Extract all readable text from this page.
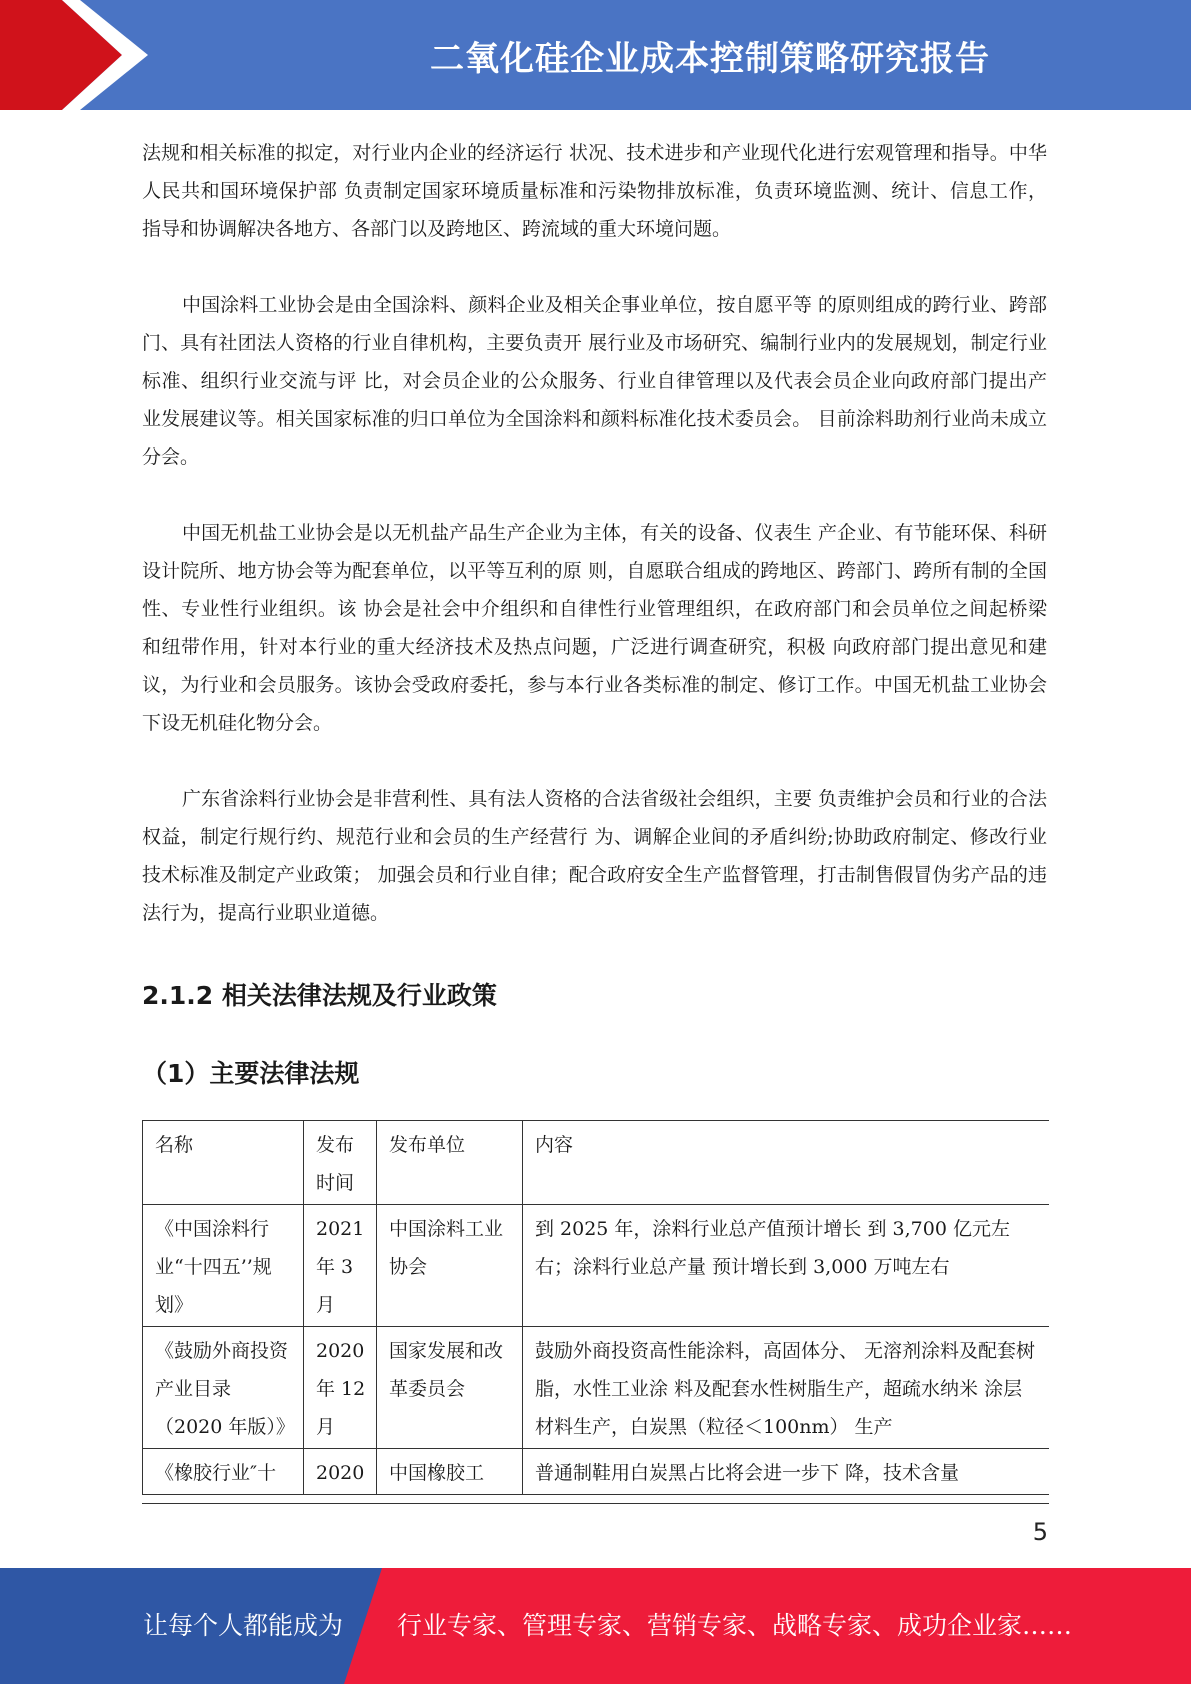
二氧化硅企业成本控制策略研究报告

法规和相关标准的拟定，对行业内企业的经济运行 状况、技术进步和产业现代化进行宏观管理和指导。中华人民共和国环境保护部 负责制定国家环境质量标准和污染物排放标准，负责环境监测、统计、信息工作， 指导和协调解决各地方、各部门以及跨地区、跨流域的重大环境问题。

中国涂料工业协会是由全国涂料、颜料企业及相关企事业单位，按自愿平等 的原则组成的跨行业、跨部门、具有社团法人资格的行业自律机构，主要负责开 展行业及市场研究、编制行业内的发展规划，制定行业标准、组织行业交流与评 比，对会员企业的公众服务、行业自律管理以及代表会员企业向政府部门提出产 业发展建议等。相关国家标准的归口单位为全国涂料和颜料标准化技术委员会。 目前涂料助剂行业尚未成立分会。

中国无机盐工业协会是以无机盐产品生产企业为主体，有关的设备、仪表生 产企业、有节能环保、科研设计院所、地方协会等为配套单位，以平等互利的原 则，自愿联合组成的跨地区、跨部门、跨所有制的全国性、专业性行业组织。该 协会是社会中介组织和自律性行业管理组织，在政府部门和会员单位之间起桥梁 和纽带作用，针对本行业的重大经济技术及热点问题，广泛进行调查研究，积极 向政府部门提出意见和建议，为行业和会员服务。该协会受政府委托，参与本行业各类标准的制定、修订工作。中国无机盐工业协会下设无机硅化物分会。

广东省涂料行业协会是非营利性、具有法人资格的合法省级社会组织，主要 负责维护会员和行业的合法权益，制定行规行约、规范行业和会员的生产经营行 为、调解企业间的矛盾纠纷;协助政府制定、修改行业技术标准及制定产业政策； 加强会员和行业自律；配合政府安全生产监督管理，打击制售假冒伪劣产品的违 法行为，提高行业职业道德。

2.1.2 相关法律法规及行业政策
（1）主要法律法规
名称	发布时间	发布单位	内容
《中国涂料行业“十四五’’规划》	2021 年 3 月	中国涂料工业 协会	到 2025 年，涂料行业总产值预计增长 到 3,700 亿元左右；涂料行业总产量 预计增长到 3,000 万吨左右
《鼓励外商投资 产业目录（2020 年版）》	2020 年 12 月	国家发展和改 革委员会	鼓励外商投资高性能涂料，高固体分、 无溶剂涂料及配套树脂，水性工业涂 料及配套水性树脂生产，超疏水纳米 涂层材料生产，白炭黑（粒径＜100nm） 生产
《橡胶行业″十	2020	中国橡胶工	普通制鞋用白炭黑占比将会进一步下 降，技术含量
5
让每个人都能成为 行业专家、管理专家、营销专家、战略专家、成功企业家……
